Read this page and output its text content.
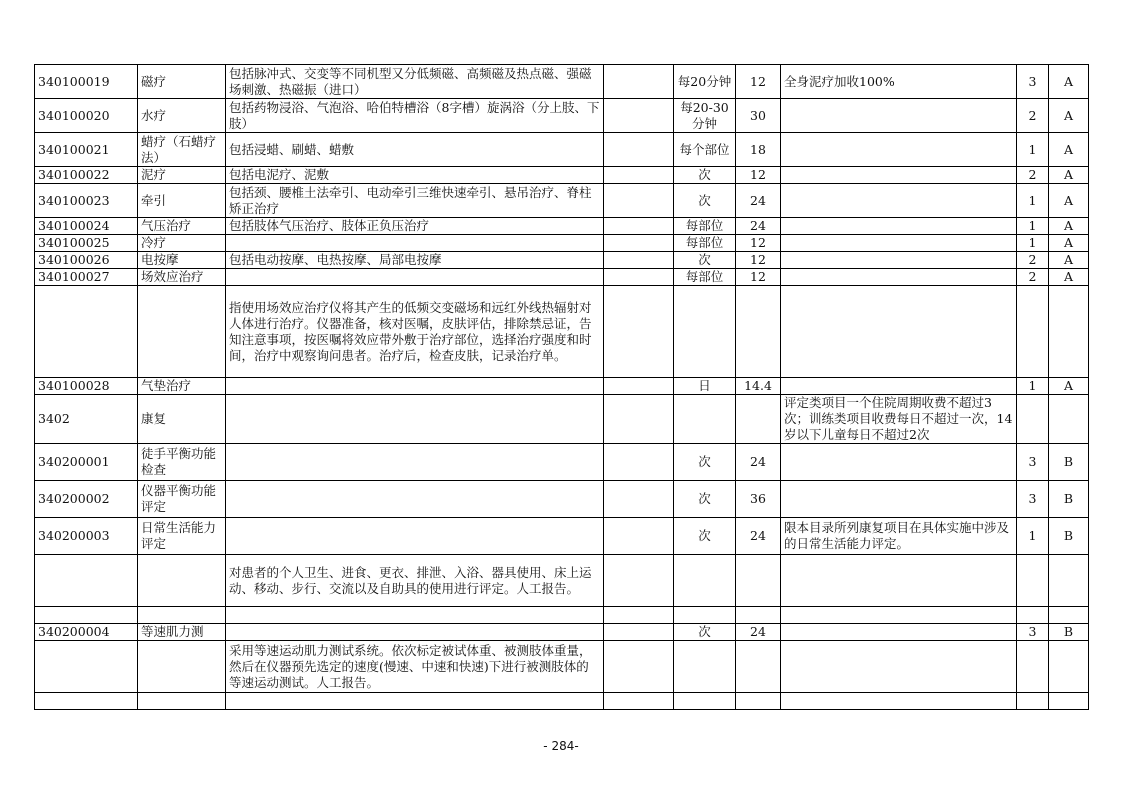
340100019	磁疗	包括脉冲式、交变等不同机型又分低频磁、高频磁及热点磁、强磁场刺激、热磁振（进口）		每20分钟	12	全身泥疗加收100%	3	A
340100020	水疗	包括药物浸浴、气泡浴、哈伯特槽浴（8字槽）旋涡浴（分上肢、下肢）		每20-30分钟	30		2	A
340100021	蜡疗（石蜡疗法）	包括浸蜡、刷蜡、蜡敷		每个部位	18		1	A
340100022	泥疗	包括电泥疗、泥敷		次	12		2	A
340100023	牵引	包括颈、腰椎土法牵引、电动牵引三维快速牵引、悬吊治疗、脊柱矫正治疗		次	24		1	A
340100024	气压治疗	包括肢体气压治疗、肢体正负压治疗		每部位	24		1	A
340100025	冷疗			每部位	12		1	A
340100026	电按摩	包括电动按摩、电热按摩、局部电按摩		次	12		2	A
340100027	场效应治疗			每部位	12		2	A
		指使用场效应治疗仪将其产生的低频交变磁场和远红外线热辐射对人体进行治疗。仪器准备，核对医嘱，皮肤评估，排除禁忌证，告知注意事项，按医嘱将效应带外敷于治疗部位，选择治疗强度和时间，治疗中观察询问患者。治疗后，检查皮肤，记录治疗单。						
340100028	气垫治疗			日	14.4		1	A
3402	康复					评定类项目一个住院周期收费不超过3次；训练类项目收费每日不超过一次，14岁以下儿童每日不超过2次		
340200001	徒手平衡功能检查			次	24		3	B
340200002	仪器平衡功能评定			次	36		3	B
340200003	日常生活能力评定			次	24	限本目录所列康复项目在具体实施中涉及的日常生活能力评定。	1	B
		对患者的个人卫生、进食、更衣、排泄、入浴、器具使用、床上运动、移动、步行、交流以及自助具的使用进行评定。人工报告。						

340200004	等速肌力测			次	24		3	B
		采用等速运动肌力测试系统。依次标定被试体重、被测肢体重量，然后在仪器预先选定的速度(慢速、中速和快速)下进行被测肢体的等速运动测试。人工报告。						

- 284-
